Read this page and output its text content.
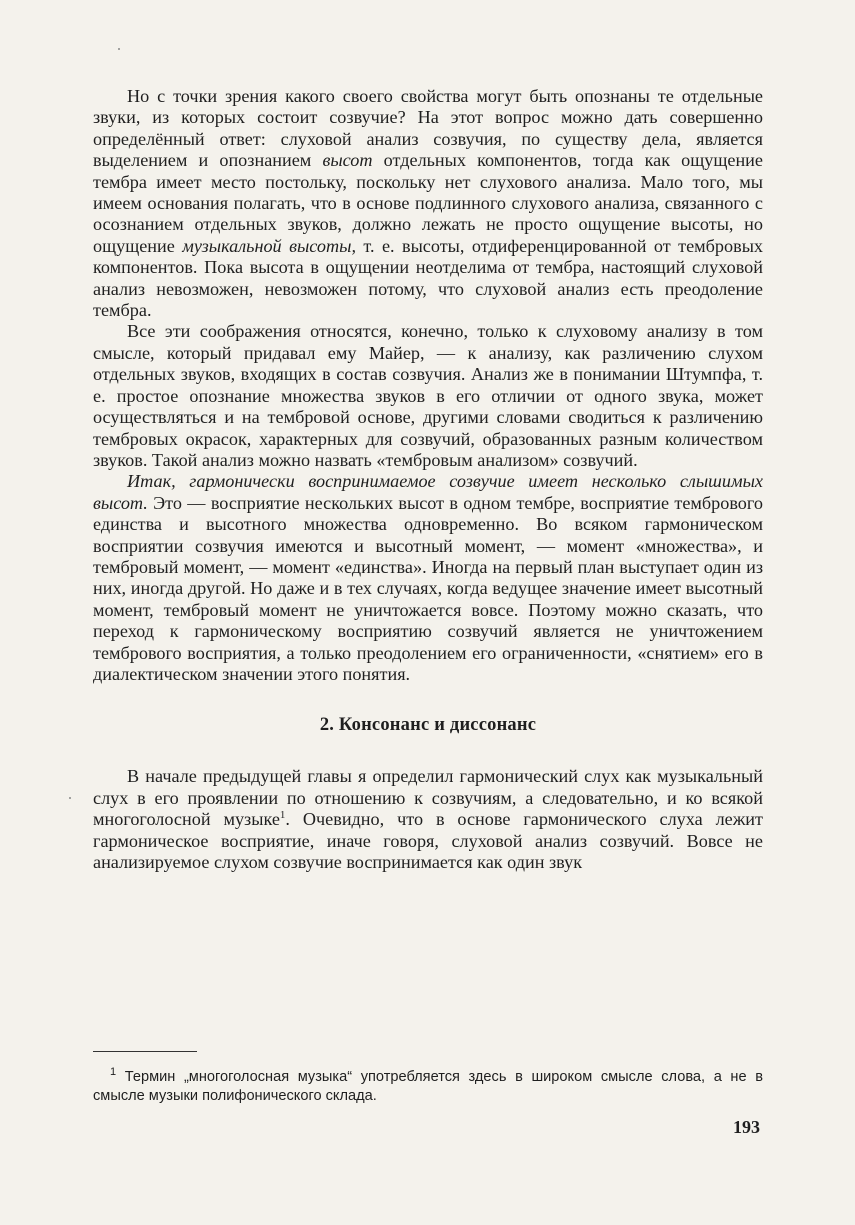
Но с точки зрения какого своего свойства могут быть опознаны те отдельные звуки, из которых состоит созвучие? На этот вопрос можно дать совершенно определённый ответ: слуховой анализ созвучия, по существу дела, является выделением и опознанием высот отдельных компонентов, тогда как ощущение тембра имеет место постольку, поскольку нет слухового анализа. Мало того, мы имеем основания полагать, что в основе подлинного слухового анализа, связанного с осознанием отдельных звуков, должно лежать не просто ощущение высоты, но ощущение музыкальной высоты, т. е. высоты, отдиференцированной от тембровых компонентов. Пока высота в ощущении неотделима от тембра, настоящий слуховой анализ невозможен, невозможен потому, что слуховой анализ есть преодоление тембра.

Все эти соображения относятся, конечно, только к слуховому анализу в том смысле, который придавал ему Майер, — к анализу, как различению слухом отдельных звуков, входящих в состав созвучия. Анализ же в понимании Штумпфа, т. е. простое опознание множества звуков в его отличии от одного звука, может осуществляться и на тембровой основе, другими словами сводиться к различению тембровых окрасок, характерных для созвучий, образованных разным количеством звуков. Такой анализ можно назвать «тембровым анализом» созвучий.

Итак, гармонически воспринимаемое созвучие имеет несколько слышимых высот. Это — восприятие нескольких высот в одном тембре, восприятие тембрового единства и высотного множества одновременно. Во всяком гармоническом восприятии созвучия имеются и высотный момент, — момент «множества», и тембровый момент, — момент «единства». Иногда на первый план выступает один из них, иногда другой. Но даже и в тех случаях, когда ведущее значение имеет высотный момент, тембровый момент не уничтожается вовсе. Поэтому можно сказать, что переход к гармоническому восприятию созвучий является не уничтожением тембрового восприятия, а только преодолением его ограниченности, «снятием» его в диалектическом значении этого понятия.

2. Консонанс и диссонанс

В начале предыдущей главы я определил гармонический слух как музыкальный слух в его проявлении по отношению к созвучиям, а следовательно, и ко всякой многоголосной музыке$^1$. Очевидно, что в основе гармонического слуха лежит гармоническое восприятие, иначе говоря, слуховой анализ созвучий. Вовсе не анализируемое слухом созвучие воспринимается как один звук

$^1$ Термин „многоголосная музыка“ употребляется здесь в широком смысле слова, а не в смысле музыки полифонического склада.
193
